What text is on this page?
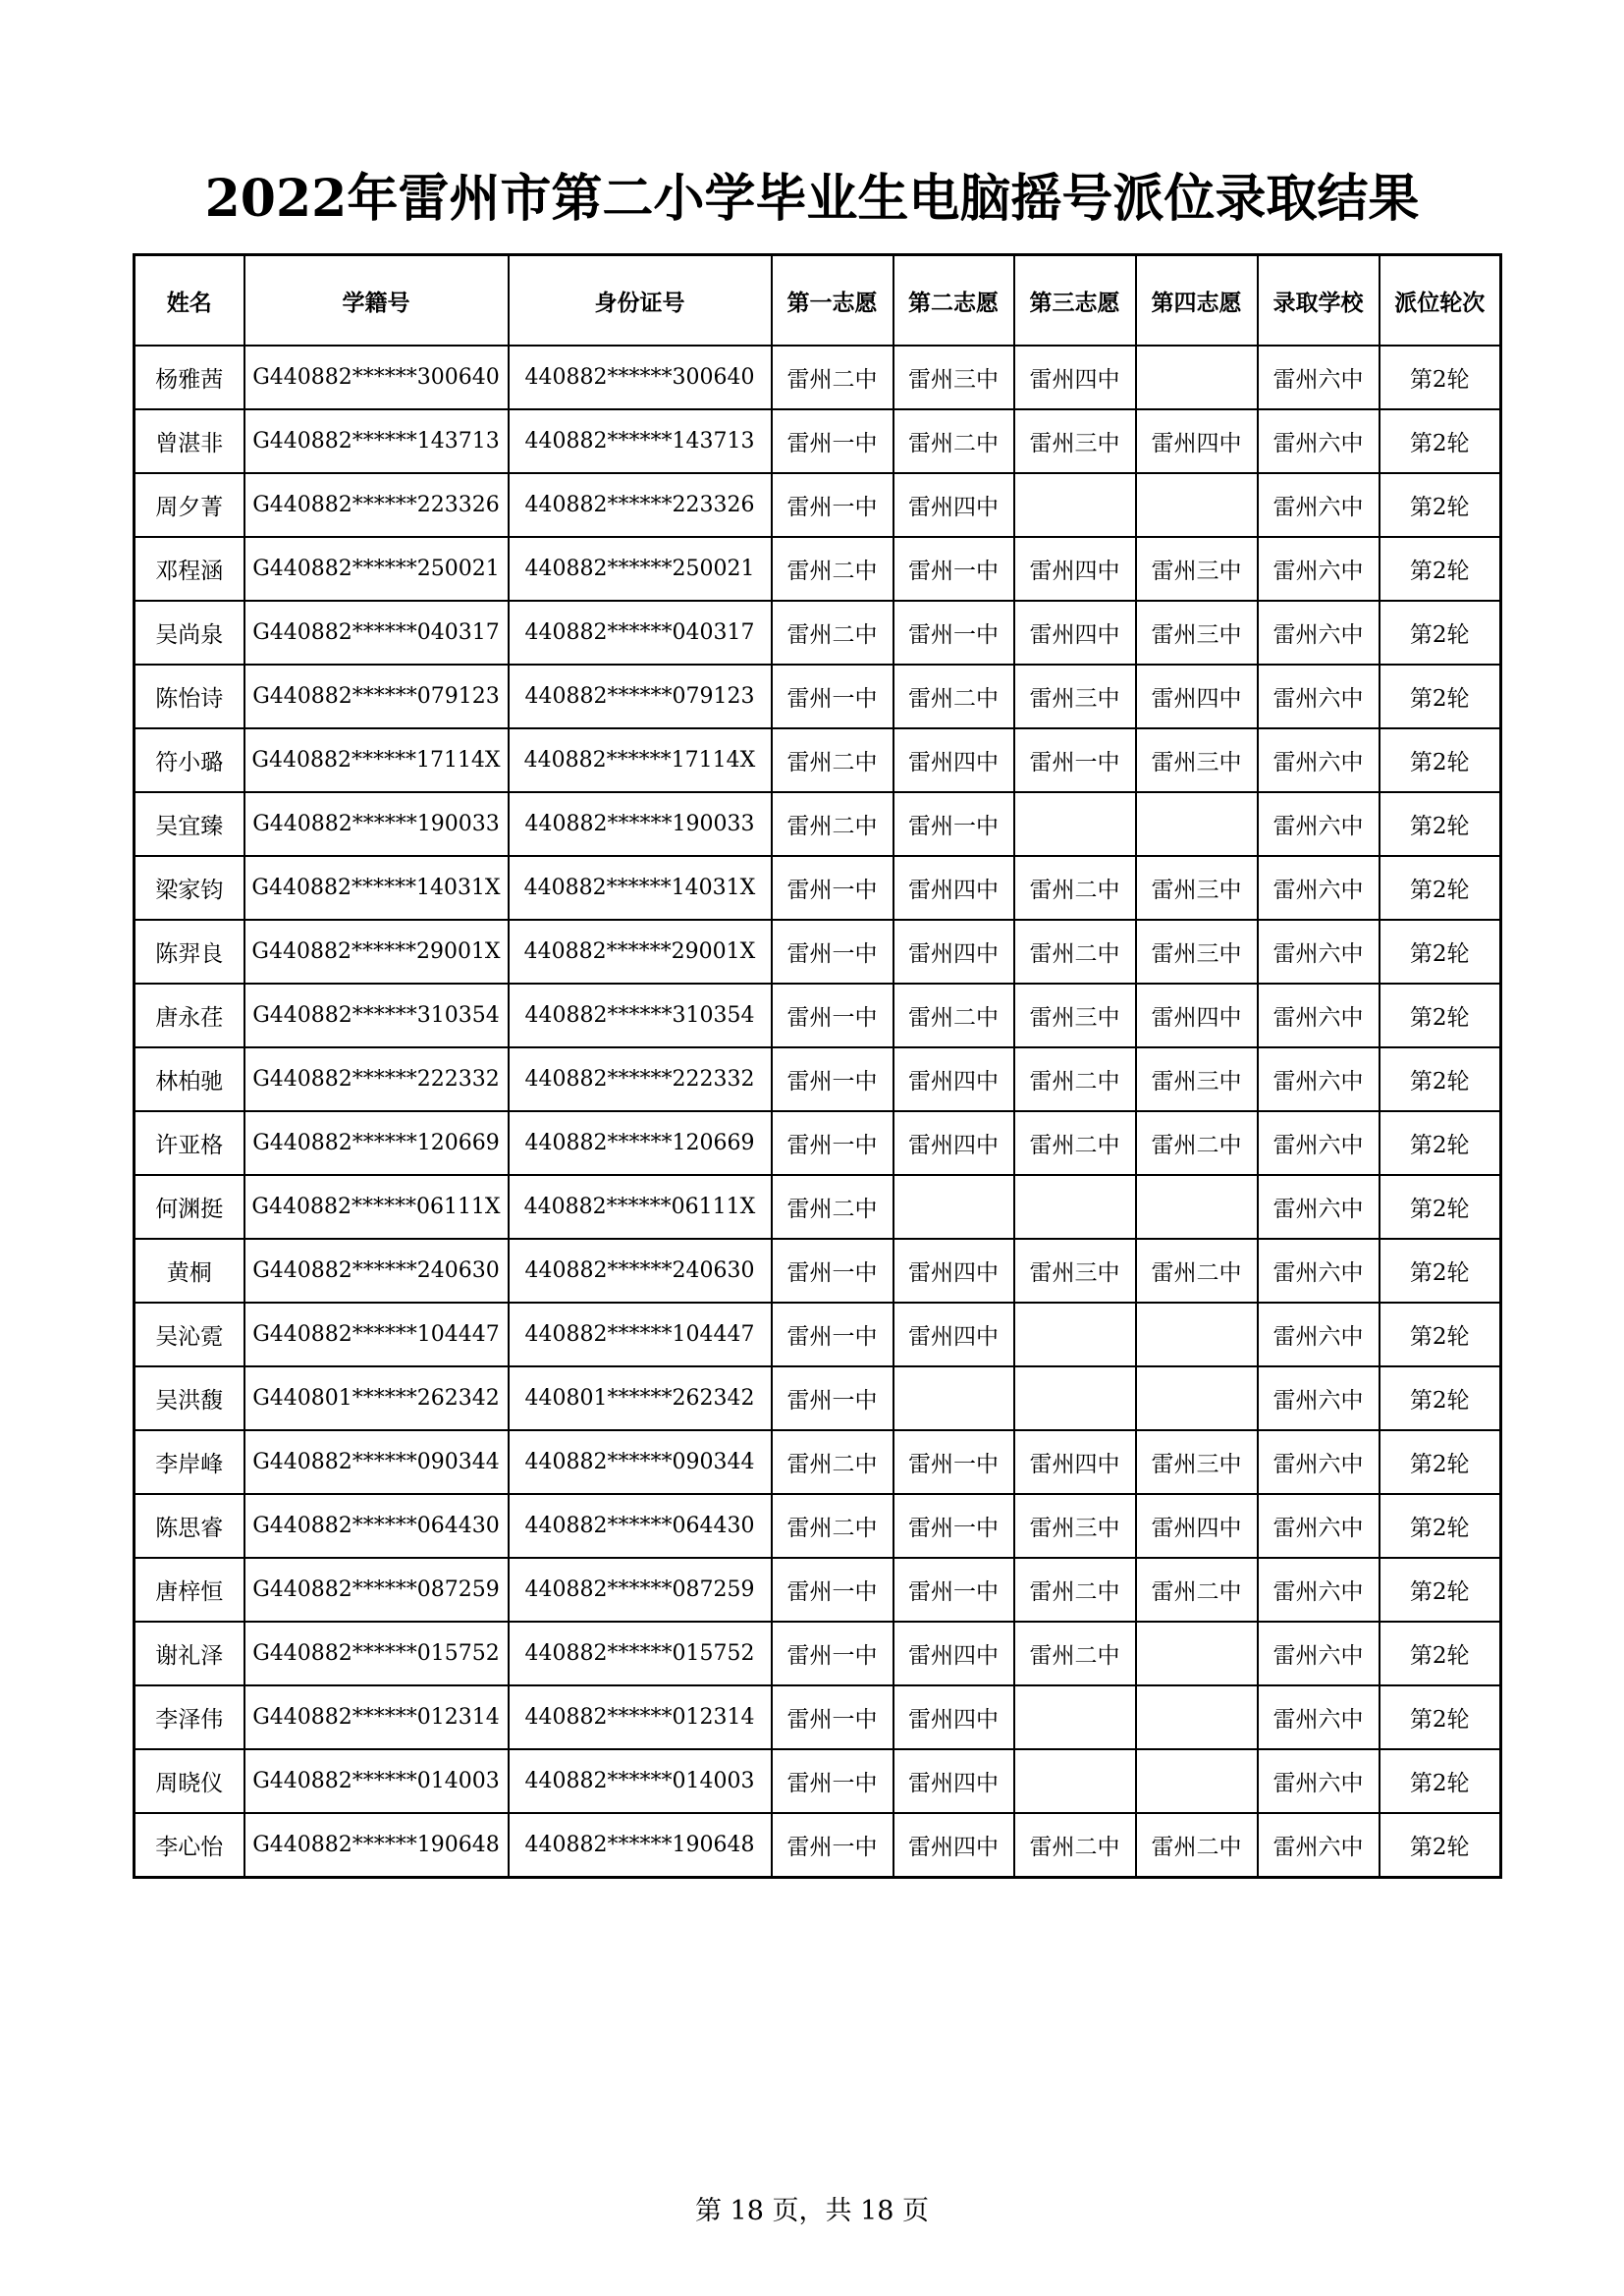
2022年雷州市第二小学毕业生电脑摇号派位录取结果
姓名	学籍号	身份证号	第一志愿	第二志愿	第三志愿	第四志愿	录取学校	派位轮次
杨雅茜	G440882******300640	440882******300640	雷州二中	雷州三中	雷州四中		雷州六中	第2轮
曾湛非	G440882******143713	440882******143713	雷州一中	雷州二中	雷州三中	雷州四中	雷州六中	第2轮
周夕菁	G440882******223326	440882******223326	雷州一中	雷州四中			雷州六中	第2轮
邓程涵	G440882******250021	440882******250021	雷州二中	雷州一中	雷州四中	雷州三中	雷州六中	第2轮
吴尚泉	G440882******040317	440882******040317	雷州二中	雷州一中	雷州四中	雷州三中	雷州六中	第2轮
陈怡诗	G440882******079123	440882******079123	雷州一中	雷州二中	雷州三中	雷州四中	雷州六中	第2轮
符小璐	G440882******17114X	440882******17114X	雷州二中	雷州四中	雷州一中	雷州三中	雷州六中	第2轮
吴宜臻	G440882******190033	440882******190033	雷州二中	雷州一中			雷州六中	第2轮
梁家钧	G440882******14031X	440882******14031X	雷州一中	雷州四中	雷州二中	雷州三中	雷州六中	第2轮
陈羿良	G440882******29001X	440882******29001X	雷州一中	雷州四中	雷州二中	雷州三中	雷州六中	第2轮
唐永荏	G440882******310354	440882******310354	雷州一中	雷州二中	雷州三中	雷州四中	雷州六中	第2轮
林柏驰	G440882******222332	440882******222332	雷州一中	雷州四中	雷州二中	雷州三中	雷州六中	第2轮
许亚格	G440882******120669	440882******120669	雷州一中	雷州四中	雷州二中	雷州二中	雷州六中	第2轮
何渊挺	G440882******06111X	440882******06111X	雷州二中				雷州六中	第2轮
黄桐	G440882******240630	440882******240630	雷州一中	雷州四中	雷州三中	雷州二中	雷州六中	第2轮
吴沁霓	G440882******104447	440882******104447	雷州一中	雷州四中			雷州六中	第2轮
吴洪馥	G440801******262342	440801******262342	雷州一中				雷州六中	第2轮
李岸峰	G440882******090344	440882******090344	雷州二中	雷州一中	雷州四中	雷州三中	雷州六中	第2轮
陈思睿	G440882******064430	440882******064430	雷州二中	雷州一中	雷州三中	雷州四中	雷州六中	第2轮
唐梓恒	G440882******087259	440882******087259	雷州一中	雷州一中	雷州二中	雷州二中	雷州六中	第2轮
谢礼泽	G440882******015752	440882******015752	雷州一中	雷州四中	雷州二中		雷州六中	第2轮
李泽伟	G440882******012314	440882******012314	雷州一中	雷州四中			雷州六中	第2轮
周晓仪	G440882******014003	440882******014003	雷州一中	雷州四中			雷州六中	第2轮
李心怡	G440882******190648	440882******190648	雷州一中	雷州四中	雷州二中	雷州二中	雷州六中	第2轮
第 18 页，共 18 页
